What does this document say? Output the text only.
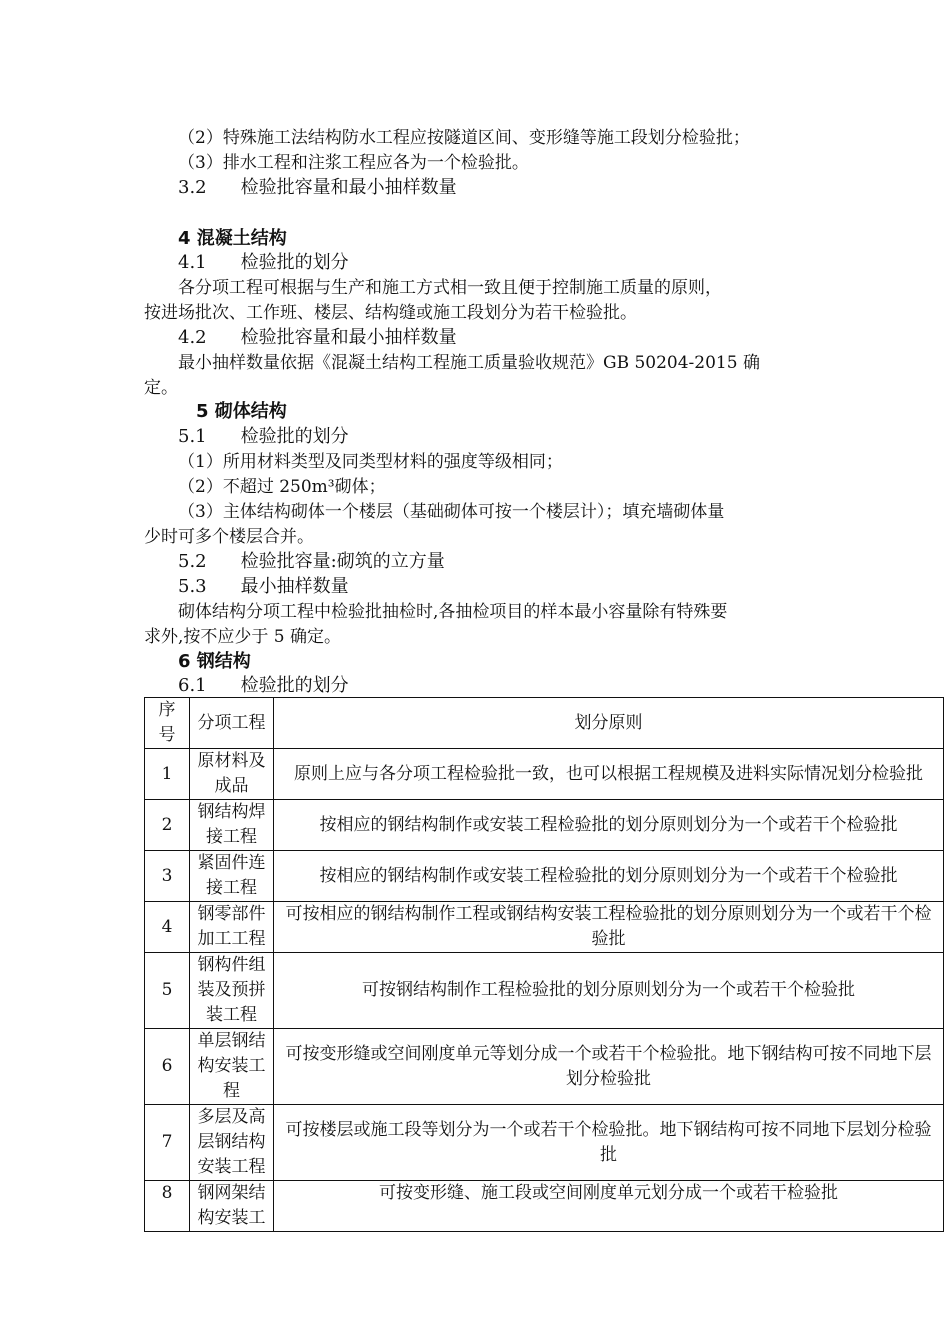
（2）特殊施工法结构防水工程应按隧道区间、变形缝等施工段划分检验批；
（3）排水工程和注浆工程应各为一个检验批。
3.2 检验批容量和最小抽样数量
4 混凝土结构
4.1 检验批的划分
各分项工程可根据与生产和施工方式相一致且便于控制施工质量的原则，
按进场批次、工作班、楼层、结构缝或施工段划分为若干检验批。
4.2 检验批容量和最小抽样数量
最小抽样数量依据《混凝土结构工程施工质量验收规范》GB 50204-2015 确
定。
5 砌体结构
5.1 检验批的划分
（1）所用材料类型及同类型材料的强度等级相同；
（2）不超过 250m³砌体；
（3）主体结构砌体一个楼层（基础砌体可按一个楼层计）；填充墙砌体量
少时可多个楼层合并。
5.2 检验批容量:砌筑的立方量
5.3 最小抽样数量
砌体结构分项工程中检验批抽检时,各抽检项目的样本最小容量除有特殊要
求外,按不应少于 5 确定。
6 钢结构
6.1 检验批的划分
序号	分项工程	划分原则
1	原材料及成品	原则上应与各分项工程检验批一致，也可以根据工程规模及进料实际情况划分检验批
2	钢结构焊接工程	按相应的钢结构制作或安装工程检验批的划分原则划分为一个或若干个检验批
3	紧固件连接工程	按相应的钢结构制作或安装工程检验批的划分原则划分为一个或若干个检验批
4	钢零部件加工工程	可按相应的钢结构制作工程或钢结构安装工程检验批的划分原则划分为一个或若干个检验批
5	钢构件组装及预拼装工程	可按钢结构制作工程检验批的划分原则划分为一个或若干个检验批
6	单层钢结构安装工程	可按变形缝或空间刚度单元等划分成一个或若干个检验批。地下钢结构可按不同地下层划分检验批
7	多层及高层钢结构安装工程	可按楼层或施工段等划分为一个或若干个检验批。地下钢结构可按不同地下层划分检验批
8	钢网架结构安装工	可按变形缝、施工段或空间刚度单元划分成一个或若干检验批
